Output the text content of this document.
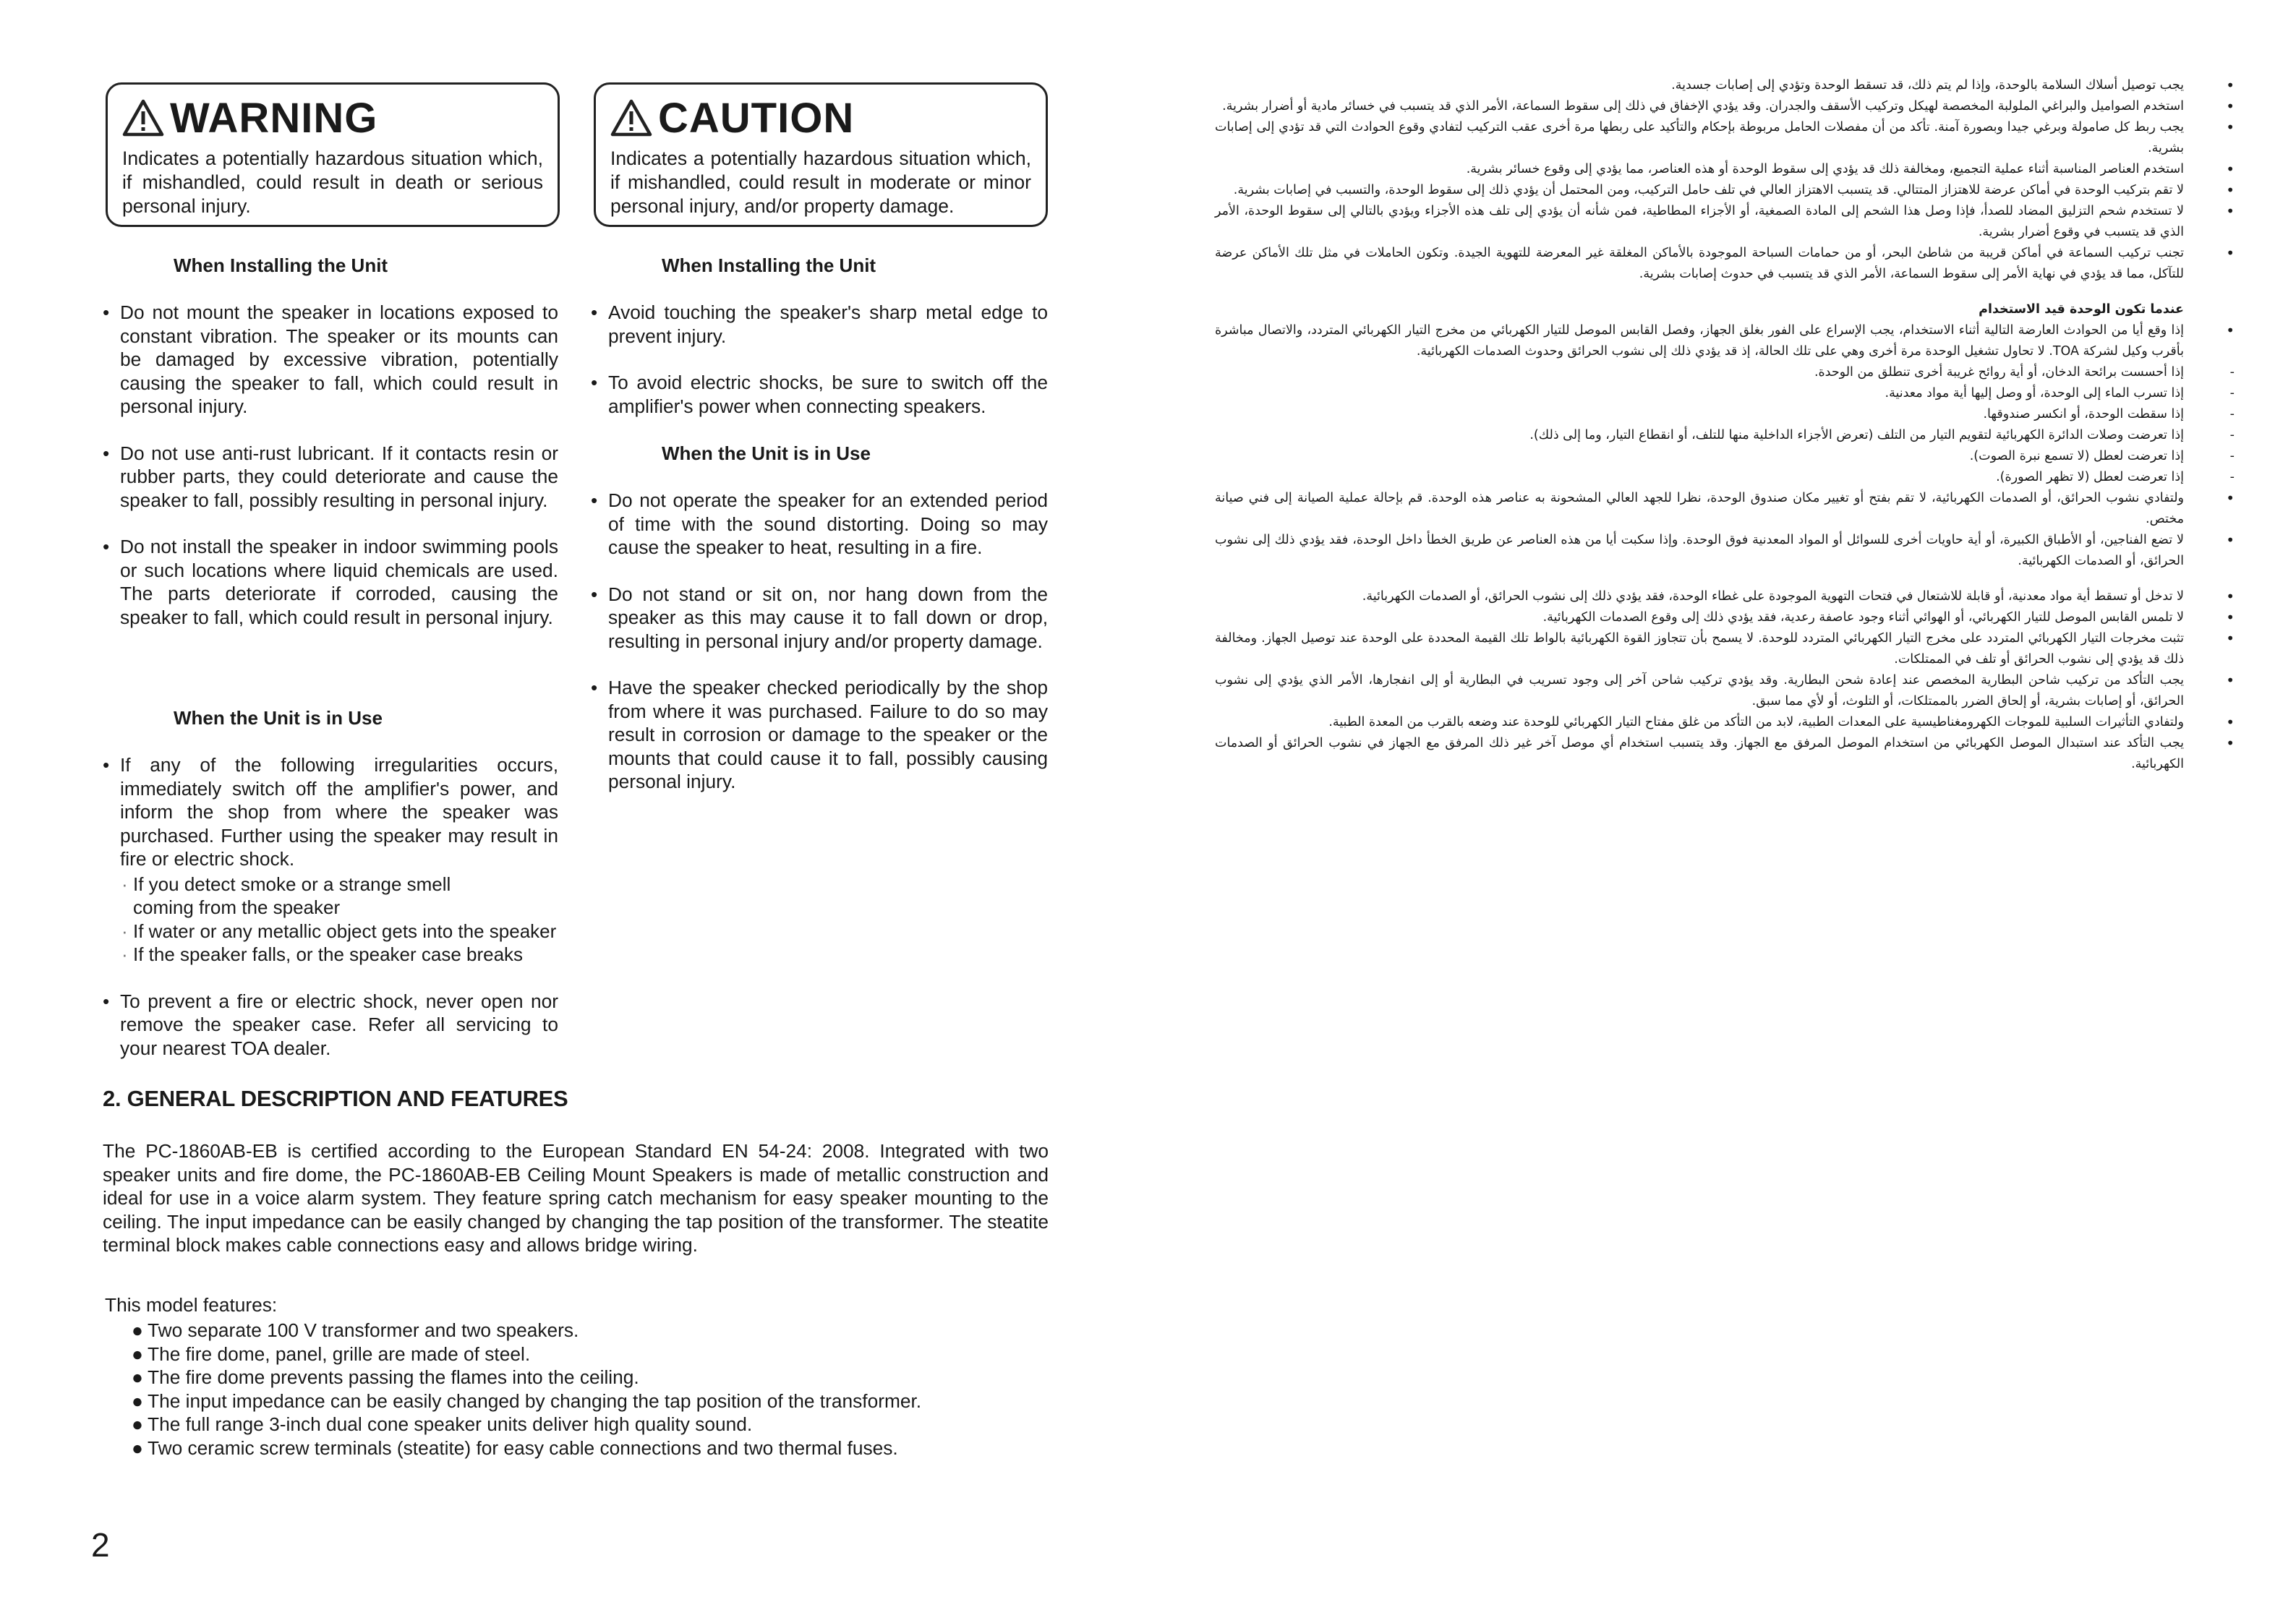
WARNING
Indicates a potentially hazardous situation which, if mishandled, could result in death or serious personal injury.
CAUTION
Indicates a potentially hazardous situation which, if mishandled, could result in moderate or minor personal injury, and/or property damage.
When Installing the Unit
• Do not mount the speaker in locations exposed to constant vibration. The speaker or its mounts can be damaged by excessive vibration, potentially causing the speaker to fall, which could result in personal injury.
• Do not use anti-rust lubricant. If it contacts resin or rubber parts, they could deteriorate and cause the speaker to fall, possibly resulting in personal injury.
• Do not install the speaker in indoor swimming pools or such locations where liquid chemicals are used. The parts deteriorate if corroded, causing the speaker to fall, which could result in personal injury.
When the Unit is in Use
• If any of the following irregularities occurs, immediately switch off the amplifier's power, and inform the shop from where the speaker was purchased. Further using the speaker may result in fire or electric shock.
· If you detect smoke or a strange smell coming from the speaker
· If water or any metallic object gets into the speaker
· If the speaker falls, or the speaker case breaks
• To prevent a fire or electric shock, never open nor remove the speaker case. Refer all servicing to your nearest TOA dealer.
When Installing the Unit
• Avoid touching the speaker's sharp metal edge to prevent injury.
• To avoid electric shocks, be sure to switch off the amplifier's power when connecting speakers.
When the Unit is in Use
• Do not operate the speaker for an extended period of time with the sound distorting. Doing so may cause the speaker to heat, resulting in a fire.
• Do not stand or sit on, nor hang down from the speaker as this may cause it to fall down or drop, resulting in personal injury and/or property damage.
• Have the speaker checked periodically by the shop from where it was purchased. Failure to do so may result in corrosion or damage to the speaker or the mounts that could cause it to fall, possibly causing personal injury.
2. GENERAL DESCRIPTION AND FEATURES
The PC-1860AB-EB is certified according to the European Standard EN 54-24: 2008. Integrated with two speaker units and fire dome, the PC-1860AB-EB Ceiling Mount Speakers is made of metallic construction and ideal for use in a voice alarm system. They feature spring catch mechanism for easy speaker mounting to the ceiling. The input impedance can be easily changed by changing the tap position of the transformer. The steatite terminal block makes cable connections easy and allows bridge wiring.
This model features:
● Two separate 100 V transformer and two speakers.
● The fire dome, panel, grille are made of steel.
● The fire dome prevents passing the flames into the ceiling.
● The input impedance can be easily changed by changing the tap position of the transformer.
● The full range 3-inch dual cone speaker units deliver high quality sound.
● Two ceramic screw terminals (steatite) for easy cable connections and two thermal fuses.
2
• يجب توصيل أسلاك السلامة بالوحدة، وإذا لم يتم ذلك، قد تسقط الوحدة وتؤدي إلى إصابات جسدية.
• استخدم الصواميل والبراغي الملولبة المخصصة لهيكل وتركيب الأسقف والجدران. وقد يؤدي الإخفاق في ذلك إلى سقوط السماعة، الأمر الذي قد يتسبب في خسائر مادية أو أضرار بشرية.
• يجب ربط كل صامولة وبرغي جيدا وبصورة آمنة. تأكد من أن مفصلات الحامل مربوطة بإحكام والتأكيد على ربطها مرة أخرى عقب التركيب لتفادي وقوع الحوادث التي قد تؤدي إلى إصابات بشرية.
• استخدم العناصر المناسبة أثناء عملية التجميع، ومخالفة ذلك قد يؤدي إلى سقوط الوحدة أو هذه العناصر، مما يؤدي إلى وقوع خسائر بشرية.
• لا تقم بتركيب الوحدة في أماكن عرضة للاهتزاز المتتالي. قد يتسبب الاهتزاز العالي في تلف حامل التركيب، ومن المحتمل أن يؤدي ذلك إلى سقوط الوحدة، والتسبب في إصابات بشرية.
• لا تستخدم شحم التزليق المضاد للصدأ، فإذا وصل هذا الشحم إلى المادة الصمغية، أو الأجزاء المطاطية، فمن شأنه أن يؤدي إلى تلف هذه الأجزاء ويؤدي بالتالي إلى سقوط الوحدة، الأمر الذي قد يتسبب في وقوع أضرار بشرية.
• تجنب تركيب السماعة في أماكن قريبة من شاطئ البحر، أو من حمامات السباحة الموجودة بالأماكن المغلقة غير المعرضة للتهوية الجيدة. وتكون الحاملات في مثل تلك الأماكن عرضة للتآكل، مما قد يؤدي في نهاية الأمر إلى سقوط السماعة، الأمر الذي قد يتسبب في حدوث إصابات بشرية.
عندما تكون الوحدة قيد الاستخدام
• إذا وقع أيا من الحوادث العارضة التالية أثناء الاستخدام، يجب الإسراع على الفور بغلق الجهاز، وفصل القابس الموصل للتيار الكهربائي من مخرج التيار الكهربائي المتردد، والاتصال مباشرة بأقرب وكيل لشركة TOA. لا تحاول تشغيل الوحدة مرة أخرى وهي على تلك الحالة، إذ قد يؤدي ذلك إلى نشوب الحرائق وحدوث الصدمات الكهربائية.
- إذا أحسست برائحة الدخان، أو أية روائح غريبة أخرى تنطلق من الوحدة.
- إذا تسرب الماء إلى الوحدة، أو وصل إليها أية مواد معدنية.
- إذا سقطت الوحدة، أو انكسر صندوقها.
- إذا تعرضت وصلات الدائرة الكهربائية لتقويم التيار من التلف (تعرض الأجزاء الداخلية منها للتلف، أو انقطاع التيار، وما إلى ذلك).
- إذا تعرضت لعطل (لا تسمع نبرة الصوت).
- إذا تعرضت لعطل (لا تظهر الصورة).
• ولتفادي نشوب الحرائق، أو الصدمات الكهربائية، لا تقم بفتح أو تغيير مكان صندوق الوحدة، نظرا للجهد العالي المشحونة به عناصر هذه الوحدة. قم بإحالة عملية الصيانة إلى فني صيانة مختص.
• لا تضع الفناجين، أو الأطباق الكبيرة، أو أية حاويات أخرى للسوائل أو المواد المعدنية فوق الوحدة. وإذا سكبت أيا من هذه العناصر عن طريق الخطأ داخل الوحدة، فقد يؤدي ذلك إلى نشوب الحرائق، أو الصدمات الكهربائية.
• لا تدخل أو تسقط أية مواد معدنية، أو قابلة للاشتعال في فتحات التهوية الموجودة على غطاء الوحدة، فقد يؤدي ذلك إلى نشوب الحرائق، أو الصدمات الكهربائية.
• لا تلمس القابس الموصل للتيار الكهربائي، أو الهوائي أثناء وجود عاصفة رعدية، فقد يؤدي ذلك إلى وقوع الصدمات الكهربائية.
• تثبت مخرجات التيار الكهربائي المتردد على مخرج التيار الكهربائي المتردد للوحدة. لا يسمح بأن تتجاوز القوة الكهربائية بالواط تلك القيمة المحددة على الوحدة عند توصيل الجهاز. ومخالفة ذلك قد يؤدي إلى نشوب الحرائق أو تلف في الممتلكات.
• يجب التأكد من تركيب شاحن البطارية المخصص عند إعادة شحن البطارية. وقد يؤدي تركيب شاحن آخر إلى وجود تسريب في البطارية أو إلى انفجارها، الأمر الذي يؤدي إلى نشوب الحرائق، أو إصابات بشرية، أو إلحاق الضرر بالممتلكات، أو التلوث، أو لأي مما سبق.
• ولتفادي التأثيرات السلبية للموجات الكهرومغناطيسية على المعدات الطبية، لابد من التأكد من غلق مفتاح التيار الكهربائي للوحدة عند وضعه بالقرب من المعدة الطبية.
• يجب التأكد عند استبدال الموصل الكهربائي من استخدام الموصل المرفق مع الجهاز. وقد يتسبب استخدام أي موصل آخر غير ذلك المرفق مع الجهاز في نشوب الحرائق أو الصدمات الكهربائية.
